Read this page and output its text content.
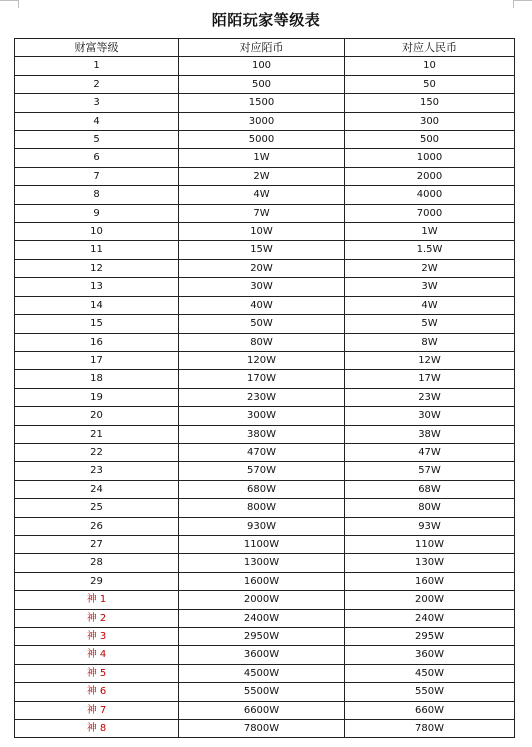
陌陌玩家等级表
财富等级	对应陌币	对应人民币
1	100	10
2	500	50
3	1500	150
4	3000	300
5	5000	500
6	1W	1000
7	2W	2000
8	4W	4000
9	7W	7000
10	10W	1W
11	15W	1.5W
12	20W	2W
13	30W	3W
14	40W	4W
15	50W	5W
16	80W	8W
17	120W	12W
18	170W	17W
19	230W	23W
20	300W	30W
21	380W	38W
22	470W	47W
23	570W	57W
24	680W	68W
25	800W	80W
26	930W	93W
27	1100W	110W
28	1300W	130W
29	1600W	160W
神 1	2000W	200W
神 2	2400W	240W
神 3	2950W	295W
神 4	3600W	360W
神 5	4500W	450W
神 6	5500W	550W
神 7	6600W	660W
神 8	7800W	780W
